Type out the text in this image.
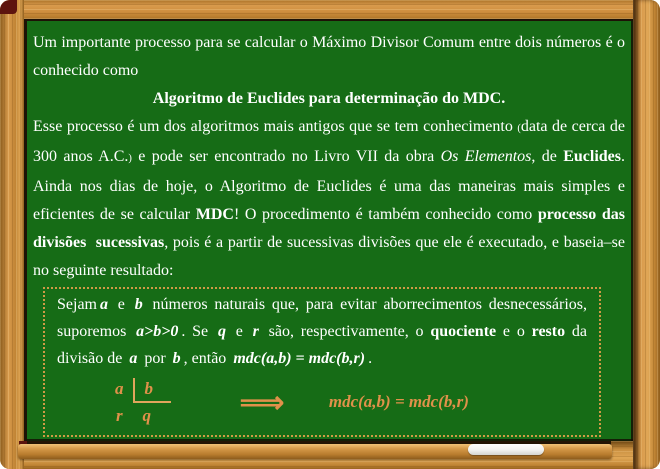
Um importante processo para se calcular o Máximo Divisor Comum entre dois números é o conhecido como

Algoritmo de Euclides para determinação do MDC.

Esse processo é um dos algoritmos mais antigos que se tem conhecimento (data de cerca de 300 anos A.C.) e pode ser encontrado no Livro VII da obra Os Elementos, de Euclides. Ainda nos dias de hoje, o Algoritmo de Euclides é uma das maneiras mais simples e eficientes de se calcular MDC! O procedimento é também conhecido como processo das divisões  sucessivas, pois é a partir de sucessivas divisões que ele é executado, e baseia–se no seguinte resultado:

Sejam a e b números naturais que, para evitar aborrecimentos desnecessários, suporemos a>b>0 . Se q e r são, respectivamente, o quociente e o resto da divisão de a por b , então mdc(a,b) = mdc(b,r) .

a	b
r	q	⟹	mdc(a,b) = mdc(b,r)
